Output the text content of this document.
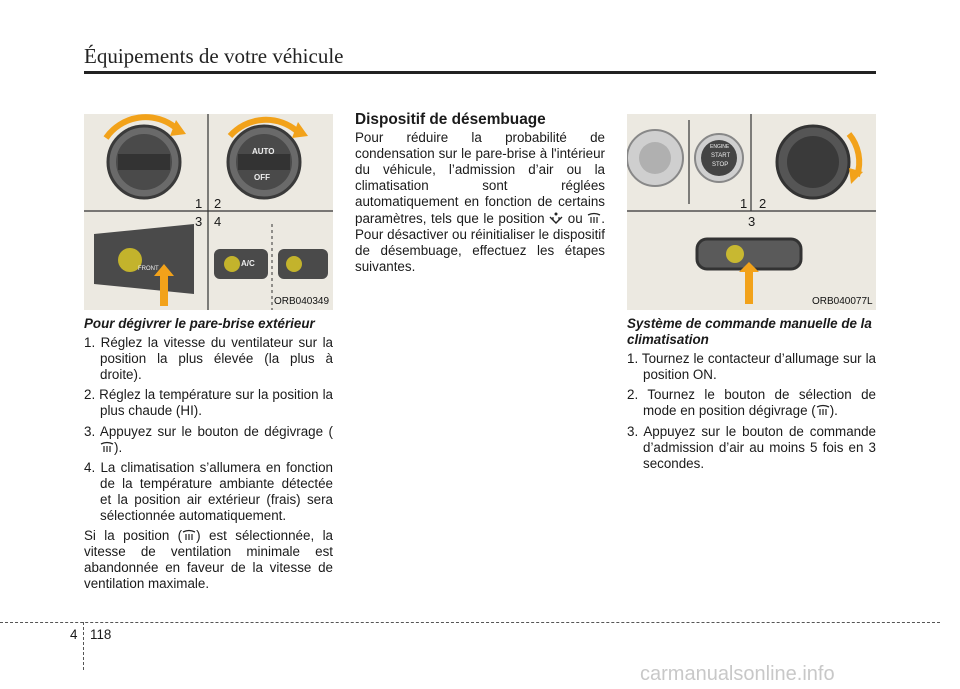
Équipements de votre véhicule
1 2
3 4
AUTO
OFF
FRONT
A/C
ORB040349
1 2
3
ENGINE
START
STOP
ORB040077L
Pour dégivrer le pare-brise extérieur
1. Réglez la vitesse du ventilateur sur la position la plus élevée (la plus à droite).
2. Réglez la température sur la position la plus chaude (HI).
3. Appuyez sur le bouton de dégivrage ().
4. La climatisation s’allumera en fonction de la température ambiante détectée et la position air extérieur (frais) sera sélectionnée automatiquement.
Si la position ( ) est sélectionnée, la vitesse de ventilation minimale est abandonnée en faveur de la vitesse de ventilation maximale.
Dispositif de désembuage
Pour réduire la probabilité de condensation sur le pare-brise à l'intérieur du véhicule, l’admission d’air ou la climatisation sont réglées automatiquement en fonction de certains paramètres, tels que le position ou . Pour désactiver ou réinitialiser le dispositif de désembuage, effectuez les étapes suivantes.
Système de commande manuelle de la climatisation
1. Tournez le contacteur d’allumage sur la position ON.
2. Tournez le bouton de sélection de mode en position dégivrage ( ).
3. Appuyez sur le bouton de commande d’admission d’air au moins 5 fois en 3 secondes.
4 118
carmanualsonline.info
